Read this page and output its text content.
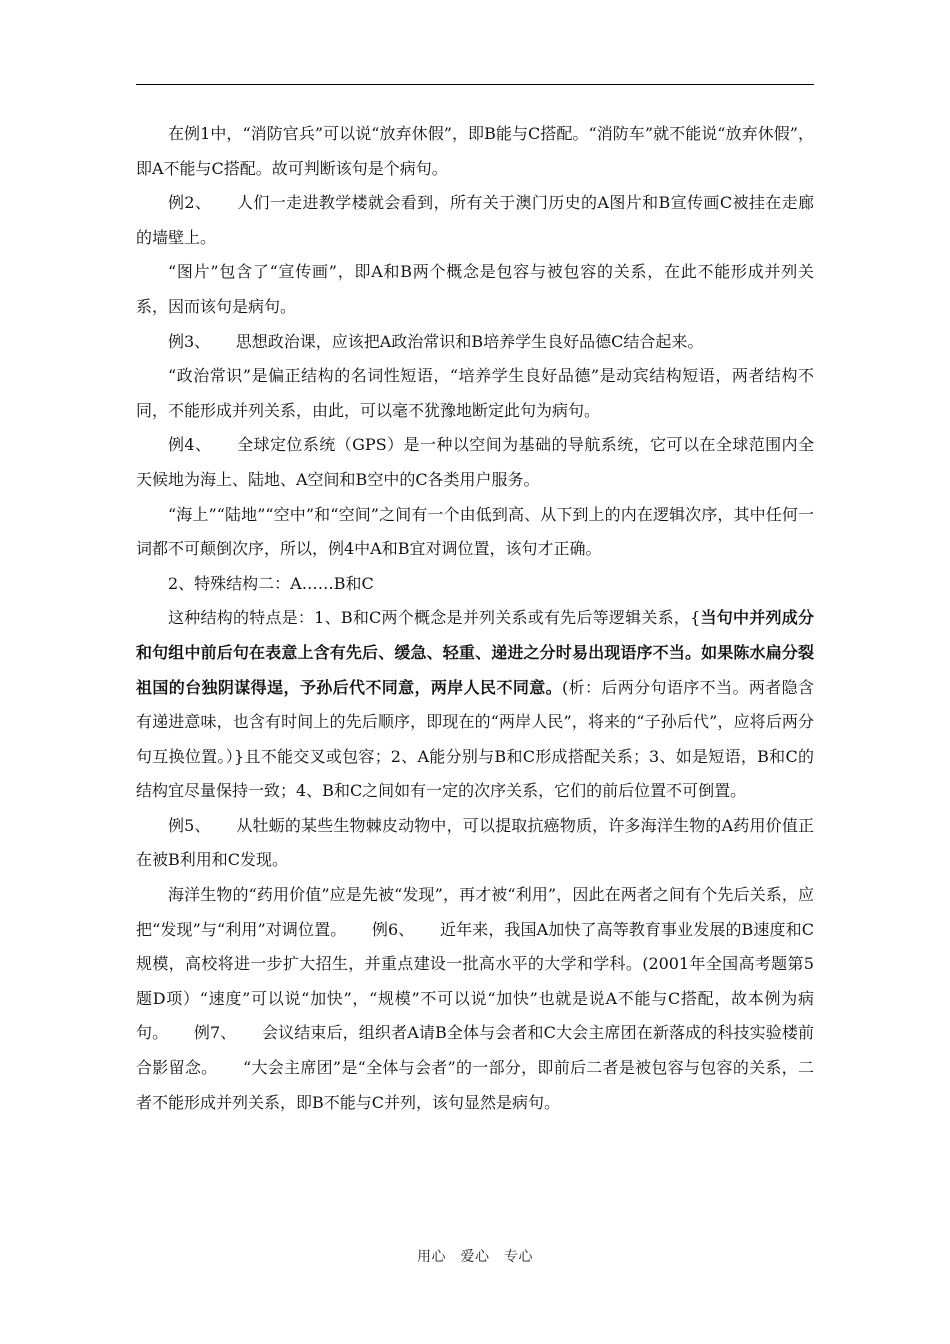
在例1中，“消防官兵”可以说“放弃休假”，即B能与C搭配。“消防车”就不能说“放弃休假”，即A不能与C搭配。故可判断该句是个病句。

例2、 人们一走进教学楼就会看到，所有关于澳门历史的A图片和B宣传画C被挂在走廊的墙壁上。

“图片”包含了“宣传画”，即A和B两个概念是包容与被包容的关系，在此不能形成并列关系，因而该句是病句。

例3、 思想政治课，应该把A政治常识和B培养学生良好品德C结合起来。

“政治常识”是偏正结构的名词性短语，“培养学生良好品德”是动宾结构短语，两者结构不同，不能形成并列关系，由此，可以毫不犹豫地断定此句为病句。

例4、 全球定位系统（GPS）是一种以空间为基础的导航系统，它可以在全球范围内全天候地为海上、陆地、A空间和B空中的C各类用户服务。

“海上”“陆地”“空中”和“空间”之间有一个由低到高、从下到上的内在逻辑次序，其中任何一词都不可颠倒次序，所以，例4中A和B宜对调位置，该句才正确。

2、特殊结构二：A……B和C

这种结构的特点是：1、B和C两个概念是并列关系或有先后等逻辑关系，{当句中并列成分和句组中前后句在表意上含有先后、缓急、轻重、递进之分时易出现语序不当。如果陈水扁分裂祖国的台独阴谋得逞，予孙后代不同意，两岸人民不同意。(析：后两分句语序不当。两者隐含有递进意味，也含有时间上的先后顺序，即现在的“两岸人民”，将来的“子孙后代”，应将后两分句互换位置。）}且不能交叉或包容；2、A能分别与B和C形成搭配关系；3、如是短语，B和C的结构宜尽量保持一致；4、B和C之间如有一定的次序关系，它们的前后位置不可倒置。

例5、 从牡蛎的某些生物棘皮动物中，可以提取抗癌物质，许多海洋生物的A药用价值正在被B利用和C发现。

海洋生物的“药用价值”应是先被“发现”，再才被“利用”，因此在两者之间有个先后关系，应把“发现”与“利用”对调位置。 例6、 近年来，我国A加快了高等教育事业发展的B速度和C规模，高校将进一步扩大招生，并重点建设一批高水平的大学和学科。(2001年全国高考题第5题D项）“速度”可以说“加快”，“规模”不可以说“加快”也就是说A不能与C搭配，故本例为病句。 例7、 会议结束后，组织者A请B全体与会者和C大会主席团在新落成的科技实验楼前合影留念。 “大会主席团”是“全体与会者”的一部分，即前后二者是被包容与包容的关系，二者不能形成并列关系，即B不能与C并列，该句显然是病句。

用心　爱心　专心
